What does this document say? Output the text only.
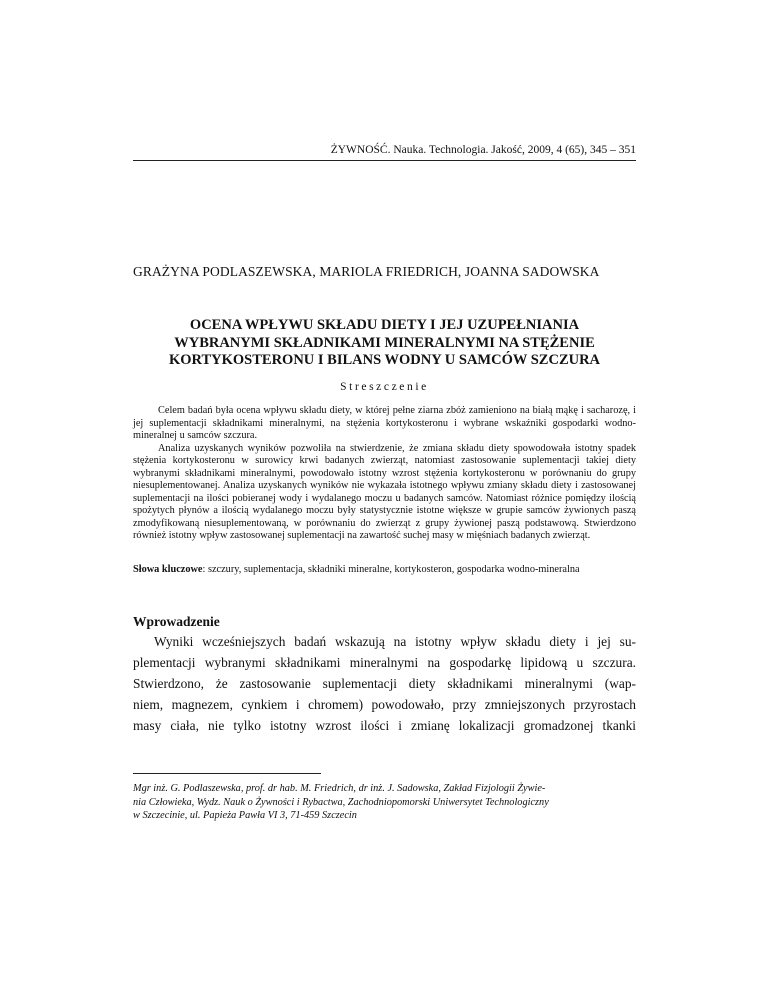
ŻYWNOŚĆ. Nauka. Technologia. Jakość, 2009, 4 (65), 345 – 351
GRAŻYNA PODLASZEWSKA, MARIOLA FRIEDRICH, JOANNA SADOWSKA
OCENA WPŁYWU SKŁADU DIETY I JEJ UZUPEŁNIANIA
WYBRANYMI SKŁADNIKAMI MINERALNYMI NA STĘŻENIE
KORTYKOSTERONU I BILANS WODNY U SAMCÓW SZCZURA
Streszczenie

Celem badań była ocena wpływu składu diety, w której pełne ziarna zbóż zamieniono na białą mąkę i sacharozę, i jej suplementacji składnikami mineralnymi, na stężenia kortykosteronu i wybrane wskaźniki gospodarki wodno-mineralnej u samców szczura.

Analiza uzyskanych wyników pozwoliła na stwierdzenie, że zmiana składu diety spowodowała istotny spadek stężenia kortykosteronu w surowicy krwi badanych zwierząt, natomiast zastosowanie suplementacji takiej diety wybranymi składnikami mineralnymi, powodowało istotny wzrost stężenia kortykosteronu w porównaniu do grupy niesuplementowanej. Analiza uzyskanych wyników nie wykazała istotnego wpływu zmiany składu diety i zastosowanej suplementacji na ilości pobieranej wody i wydalanego moczu u badanych samców. Natomiast różnice pomiędzy ilością spożytych płynów a ilością wydalanego moczu były statystycznie istotne większe w grupie samców żywionych paszą zmodyfikowaną niesuplementowaną, w porównaniu do zwierząt z grupy żywionej paszą podstawową. Stwierdzono również istotny wpływ zastosowanej suplementacji na zawartość suchej masy w mięśniach badanych zwierząt.

Słowa kluczowe: szczury, suplementacja, składniki mineralne, kortykosteron, gospodarka wodno-mineralna
Wprowadzenie
Wyniki wcześniejszych badań wskazują na istotny wpływ składu diety i jej su-
plementacji wybranymi składnikami mineralnymi na gospodarkę lipidową u szczura.
Stwierdzono, że zastosowanie suplementacji diety składnikami mineralnymi (wap-
niem, magnezem, cynkiem i chromem) powodowało, przy zmniejszonych przyrostach
masy ciała, nie tylko istotny wzrost ilości i zmianę lokalizacji gromadzonej tkanki
Mgr inż. G. Podlaszewska, prof. dr hab. M. Friedrich, dr inż. J. Sadowska, Zakład Fizjologii Żywie-
nia Człowieka, Wydz. Nauk o Żywności i Rybactwa, Zachodniopomorski Uniwersytet Technologiczny
w Szczecinie, ul. Papieża Pawła VI 3, 71-459 Szczecin
